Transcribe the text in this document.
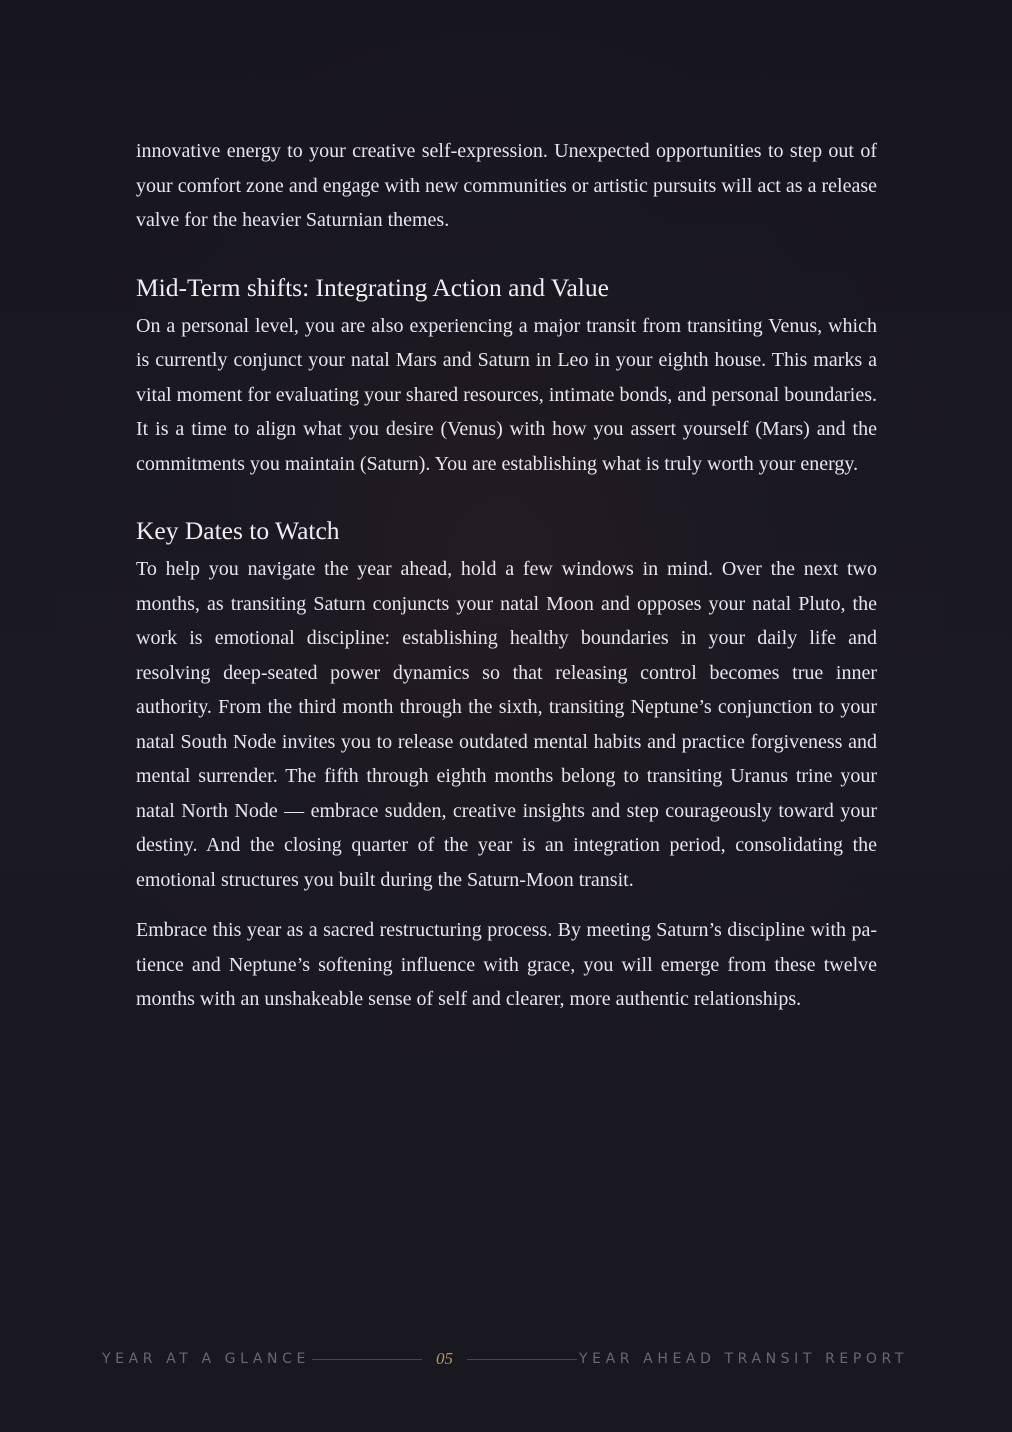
innovative energy to your creative self-expression. Unexpected opportunities to step out of your comfort zone and engage with new communities or artistic pursuits will act as a release valve for the heavier Saturnian themes.

Mid-Term shifts: Integrating Action and Value

On a personal level, you are also experiencing a major transit from transiting Venus, which is currently conjunct your natal Mars and Saturn in Leo in your eighth house. This marks a vital moment for evaluating your shared resources, intimate bonds, and personal boundaries. It is a time to align what you desire (Venus) with how you assert yourself (Mars) and the commitments you maintain (Saturn). You are establishing what is truly worth your energy.

Key Dates to Watch

To help you navigate the year ahead, hold a few windows in mind. Over the next two months, as transiting Saturn conjuncts your natal Moon and opposes your natal Pluto, the work is emotional discipline: establishing healthy boundaries in your daily life and resolving deep-seated power dynamics so that releasing control becomes true inner authority. From the third month through the sixth, transiting Neptune’s conjunction to your natal South Node invites you to release outdated mental habits and practice forgiveness and mental surrender. The fifth through eighth months belong to transiting Uranus trine your natal North Node — embrace sudden, creative insights and step courageously toward your destiny. And the closing quarter of the year is an integration period, consolidating the emotional structures you built during the Saturn-Moon transit.

Embrace this year as a sacred restructuring process. By meeting Saturn’s discipline with patience and Neptune’s softening influence with grace, you will emerge from these twelve months with an unshakeable sense of self and clearer, more authentic relationships.

YEAR AT A GLANCE	05	YEAR AHEAD TRANSIT REPORT
